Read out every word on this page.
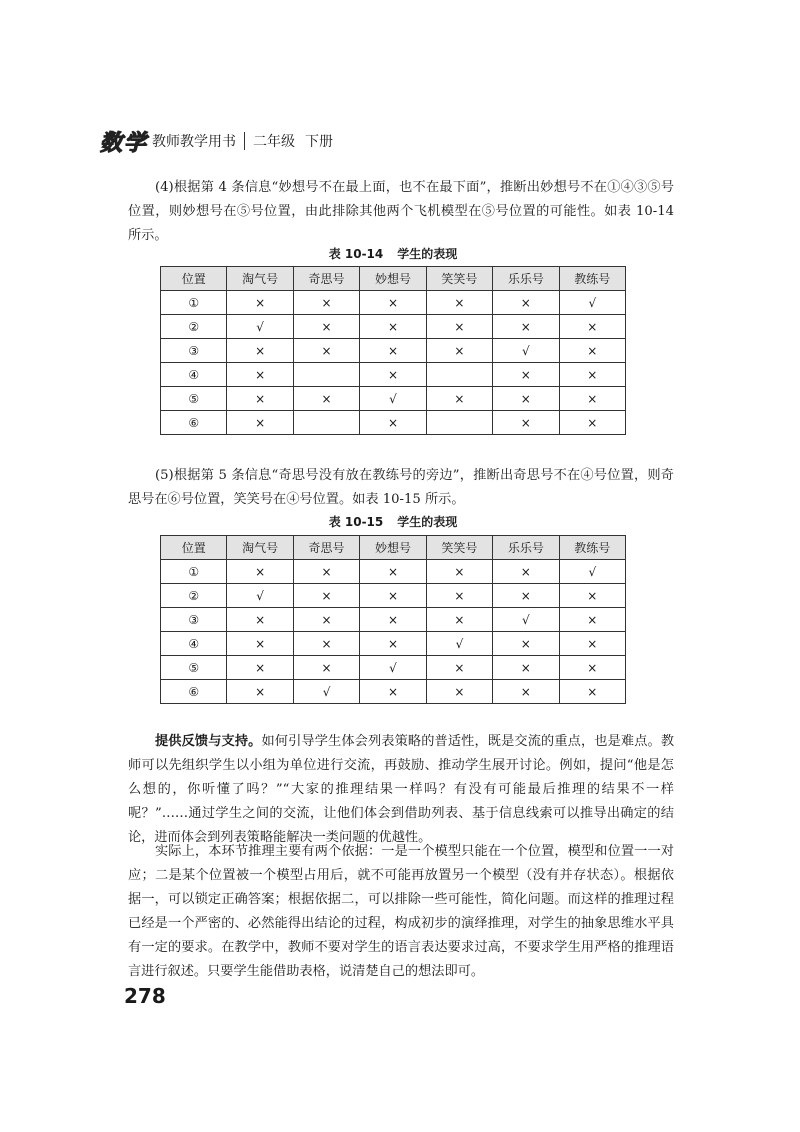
数学 教师教学用书 二年级 下册

(4)根据第 4 条信息“妙想号不在最上面，也不在最下面”，推断出妙想号不在①④③⑤号位置，则妙想号在⑤号位置，由此排除其他两个飞机模型在⑤号位置的可能性。如表 10-14 所示。

表 10-14 学生的表现
位置	淘气号	奇思号	妙想号	笑笑号	乐乐号	教练号
①	×	×	×	×	×	√
②	√	×	×	×	×	×
③	×	×	×	×	√	×
④	×		×		×	×
⑤	×	×	√	×	×	×
⑥	×		×		×	×

(5)根据第 5 条信息“奇思号没有放在教练号的旁边”，推断出奇思号不在④号位置，则奇思号在⑥号位置，笑笑号在④号位置。如表 10-15 所示。

表 10-15 学生的表现
位置	淘气号	奇思号	妙想号	笑笑号	乐乐号	教练号
①	×	×	×	×	×	√
②	√	×	×	×	×	×
③	×	×	×	×	√	×
④	×	×	×	√	×	×
⑤	×	×	√	×	×	×
⑥	×	√	×	×	×	×

提供反馈与支持。如何引导学生体会列表策略的普适性，既是交流的重点，也是难点。教师可以先组织学生以小组为单位进行交流，再鼓励、推动学生展开讨论。例如，提问“他是怎么想的，你听懂了吗？”“大家的推理结果一样吗？有没有可能最后推理的结果不一样呢？”……通过学生之间的交流，让他们体会到借助列表、基于信息线索可以推导出确定的结论，进而体会到列表策略能解决一类问题的优越性。

实际上，本环节推理主要有两个依据：一是一个模型只能在一个位置，模型和位置一一对应；二是某个位置被一个模型占用后，就不可能再放置另一个模型（没有并存状态）。根据依据一，可以锁定正确答案；根据依据二，可以排除一些可能性，简化问题。而这样的推理过程已经是一个严密的、必然能得出结论的过程，构成初步的演绎推理，对学生的抽象思维水平具有一定的要求。在教学中，教师不要对学生的语言表达要求过高，不要求学生用严格的推理语言进行叙述。只要学生能借助表格，说清楚自己的想法即可。

278
